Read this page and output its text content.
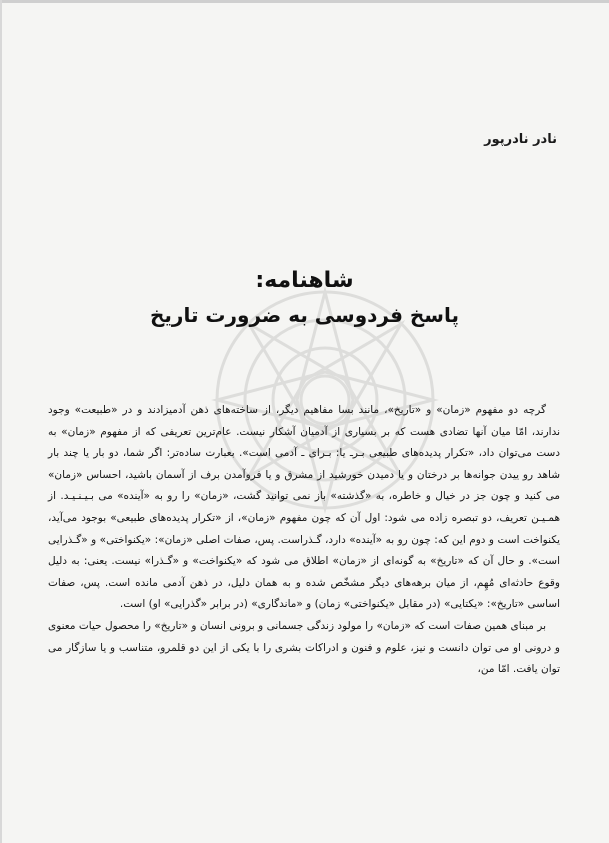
نادر نادرپور
شاهنامه:
پاسخ فردوسی به ضرورت تاریخ

گرچه دو مفهوم «زمان» و «تاریخ»، مانند بسا مفاهیم دیگر، از ساخته‌های ذهن آدمیزادند و در «طبیعت» وجود ندارند، امّا میان آنها تضادی هست که بر بسیاری از آدمیان آشکار نیست. عام‌ترین تعریفی که از مفهوم «زمان» به دست می‌توان داد، «تکرار پدیده‌های طبیعی بـر‌ـ یا: بـرای ـ آدمی است». بعبارت ساده‌تر: اگر شما، دو بار یا چند بار شاهد رو ییدن جوانه‌ها بر درختان و یا دمیدن خورشید از مشرق و یا فروآمدن برف از آسمان باشید، احساس «زمان» می کنید و چون جز در خیال و خاطره، به «گذشته» باز نمی توانید گشت، «زمان» را رو به «آینده» می بـیـنـیـد. از همـیـن تعریف، دو تبصره زاده می شود: اول آن که چون مفهوم «زمان»، از «تکرار پدیده‌های طبیعی» بوجود می‌آید، یکنواخت است و دوم این که: چون رو به «آینده» دارد، گـذراست. پس، صفات اصلی «زمان»: «یکنواختی» و «گـذرایی است». و حال آن که «تاریخ» به گونه‌ای از «زمان» اطلاق می شود که «یکنواخت» و «گـذرا» نیست. یعنی: به دلیل وقوع حادثه‌ای مُهِم، از میان برهه‌های دیگر مشخّص شده و به همان دلیل، در ذهن آدمی مانده است. پس، صفات اساسی «تاریخ»: «یکتایی» (در مقابل «یکنواختی» زمان) و «ماندگاری» (در برابر «گذرایی» او) است.

بر مبنای همین صفات است که «زمان» را مولود زندگی جسمانی و برونی انسان و «تاریخ» را محصول حیات معنوی و درونی او می توان دانست و نیز، علوم و فنون و ادراکات بشری را با یکی از این دو قلمرو، متناسب و یا سازگار می توان یافت. امّا من،
